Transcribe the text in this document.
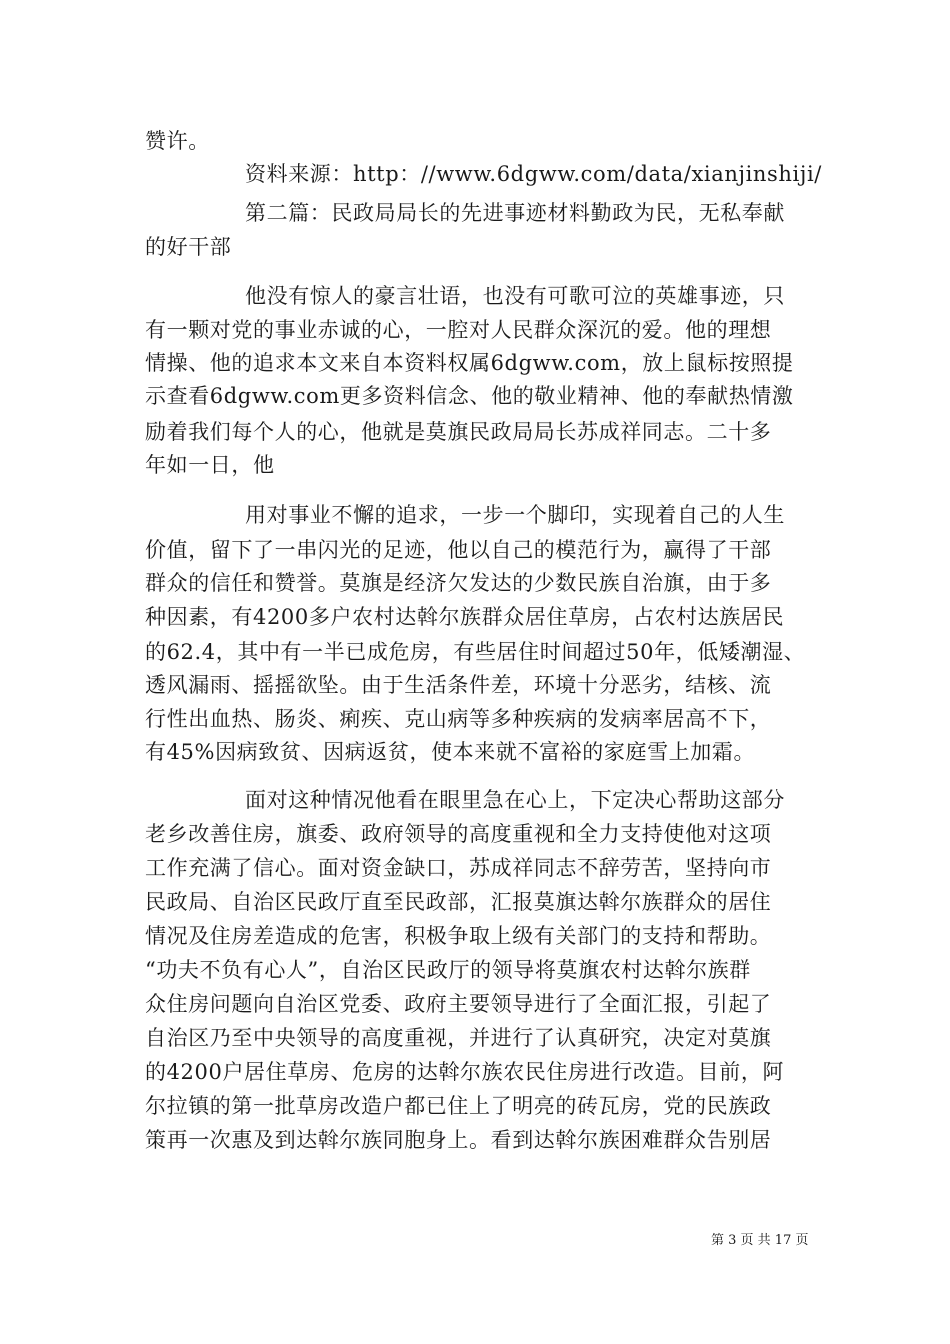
赞许。
资料来源：http：//www.6dgww.com/data/xianjinshiji/
第二篇：民政局局长的先进事迹材料勤政为民，无私奉献
的好干部
他没有惊人的豪言壮语，也没有可歌可泣的英雄事迹，只
有一颗对党的事业赤诚的心，一腔对人民群众深沉的爱。他的理想
情操、他的追求本文来自本资料权属6dgww.com，放上鼠标按照提
示查看6dgww.com更多资料信念、他的敬业精神、他的奉献热情激
励着我们每个人的心，他就是莫旗民政局局长苏成祥同志。二十多
年如一日，他
用对事业不懈的追求，一步一个脚印，实现着自己的人生
价值，留下了一串闪光的足迹，他以自己的模范行为，赢得了干部
群众的信任和赞誉。莫旗是经济欠发达的少数民族自治旗，由于多
种因素，有4200多户农村达斡尔族群众居住草房，占农村达族居民
的62.4，其中有一半已成危房，有些居住时间超过50年，低矮潮湿、
透风漏雨、摇摇欲坠。由于生活条件差，环境十分恶劣，结核、流
行性出血热、肠炎、痢疾、克山病等多种疾病的发病率居高不下，
有45%因病致贫、因病返贫，使本来就不富裕的家庭雪上加霜。
面对这种情况他看在眼里急在心上，下定决心帮助这部分
老乡改善住房，旗委、政府领导的高度重视和全力支持使他对这项
工作充满了信心。面对资金缺口，苏成祥同志不辞劳苦，坚持向市
民政局、自治区民政厅直至民政部，汇报莫旗达斡尔族群众的居住
情况及住房差造成的危害，积极争取上级有关部门的支持和帮助。
“功夫不负有心人”，自治区民政厅的领导将莫旗农村达斡尔族群
众住房问题向自治区党委、政府主要领导进行了全面汇报，引起了
自治区乃至中央领导的高度重视，并进行了认真研究，决定对莫旗
的4200户居住草房、危房的达斡尔族农民住房进行改造。目前，阿
尔拉镇的第一批草房改造户都已住上了明亮的砖瓦房，党的民族政
策再一次惠及到达斡尔族同胞身上。看到达斡尔族困难群众告别居
第 3 页 共 17 页
